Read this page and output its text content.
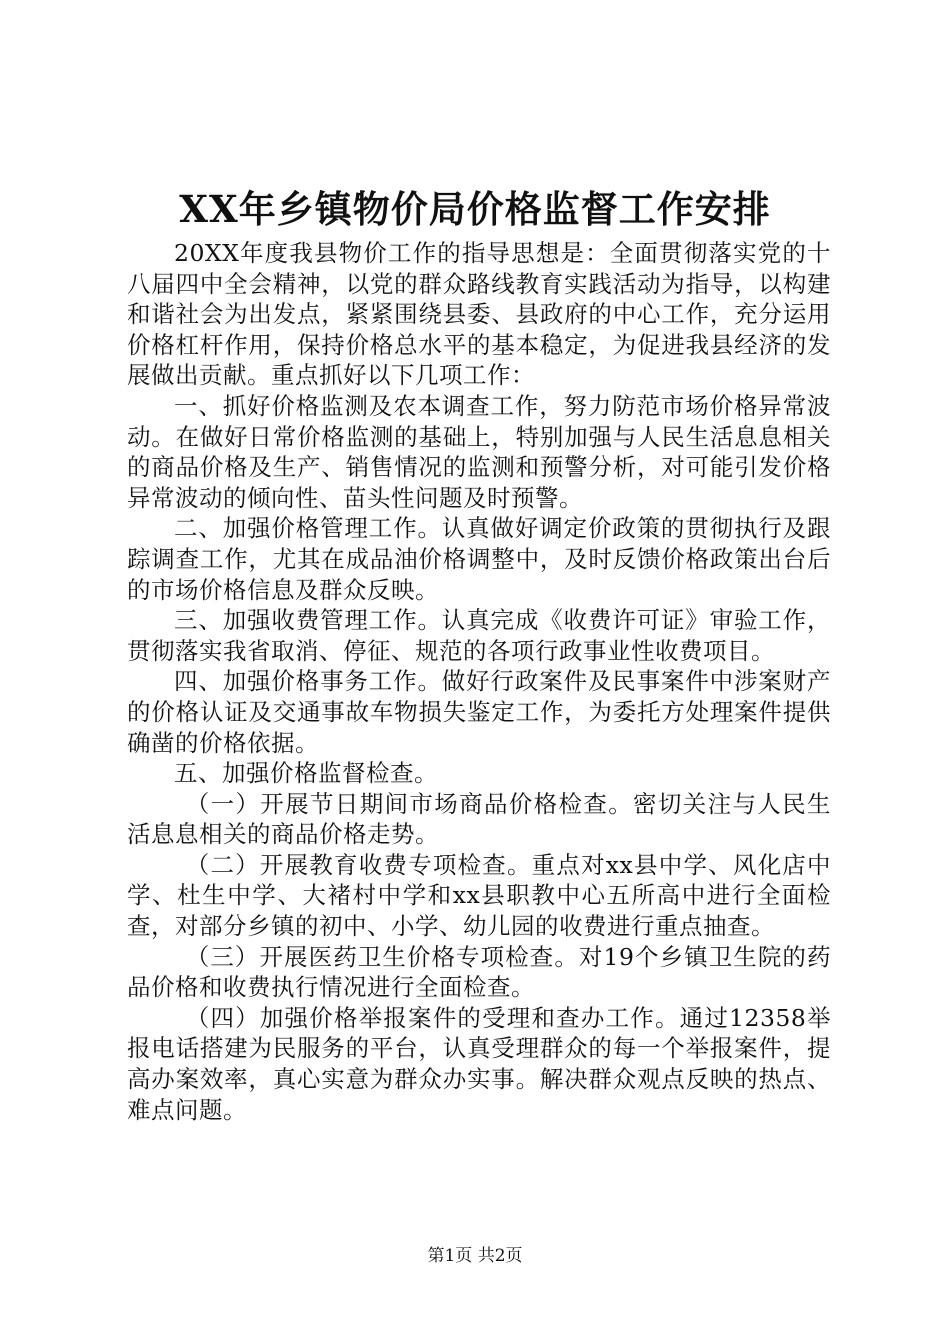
XX年乡镇物价局价格监督工作安排

20XX年度我县物价工作的指导思想是：全面贯彻落实党的十八届四中全会精神，以党的群众路线教育实践活动为指导，以构建和谐社会为出发点，紧紧围绕县委、县政府的中心工作，充分运用价格杠杆作用，保持价格总水平的基本稳定，为促进我县经济的发展做出贡献。重点抓好以下几项工作：

一、抓好价格监测及农本调查工作，努力防范市场价格异常波动。在做好日常价格监测的基础上，特别加强与人民生活息息相关的商品价格及生产、销售情况的监测和预警分析，对可能引发价格异常波动的倾向性、苗头性问题及时预警。

二、加强价格管理工作。认真做好调定价政策的贯彻执行及跟踪调查工作，尤其在成品油价格调整中，及时反馈价格政策出台后的市场价格信息及群众反映。

三、加强收费管理工作。认真完成《收费许可证》审验工作，贯彻落实我省取消、停征、规范的各项行政事业性收费项目。

四、加强价格事务工作。做好行政案件及民事案件中涉案财产的价格认证及交通事故车物损失鉴定工作，为委托方处理案件提供确凿的价格依据。

五、加强价格监督检查。

（一）开展节日期间市场商品价格检查。密切关注与人民生活息息相关的商品价格走势。

（二）开展教育收费专项检查。重点对xx县中学、风化店中学、杜生中学、大褚村中学和xx县职教中心五所高中进行全面检查，对部分乡镇的初中、小学、幼儿园的收费进行重点抽查。

（三）开展医药卫生价格专项检查。对19个乡镇卫生院的药品价格和收费执行情况进行全面检查。

（四）加强价格举报案件的受理和查办工作。通过12358举报电话搭建为民服务的平台，认真受理群众的每一个举报案件，提高办案效率，真心实意为群众办实事。解决群众观点反映的热点、难点问题。

第1页 共2页
